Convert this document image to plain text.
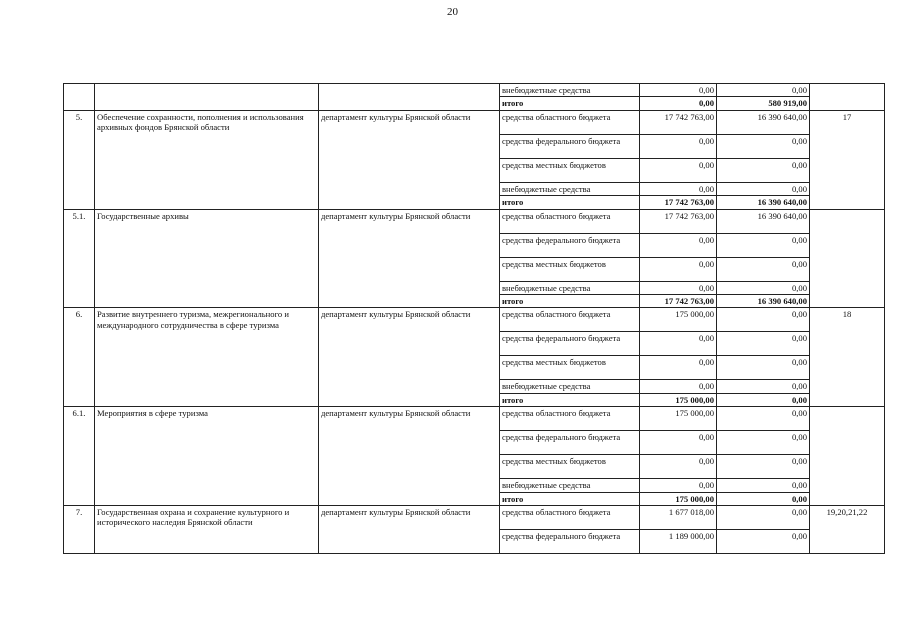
20
			внебюджетные средства	0,00	0,00	
			итого	0,00	580 919,00	
5.	Обеспечение сохранности, пополнения и использования архивных фондов Брянской области	департамент культуры Брянской области	средства областного бюджета	17 742 763,00	16 390 640,00	17
			средства федерального бюджета	0,00	0,00	
			средства местных бюджетов	0,00	0,00	
			внебюджетные средства	0,00	0,00	
			итого	17 742 763,00	16 390 640,00	
5.1.	Государственные архивы	департамент культуры Брянской области	средства областного бюджета	17 742 763,00	16 390 640,00	
			средства федерального бюджета	0,00	0,00	
			средства местных бюджетов	0,00	0,00	
			внебюджетные средства	0,00	0,00	
			итого	17 742 763,00	16 390 640,00	
6.	Развитие внутреннего туризма, межрегионального и международного сотрудничества в сфере туризма	департамент культуры Брянской области	средства областного бюджета	175 000,00	0,00	18
			средства федерального бюджета	0,00	0,00	
			средства местных бюджетов	0,00	0,00	
			внебюджетные средства	0,00	0,00	
			итого	175 000,00	0,00	
6.1.	Мероприятия в сфере туризма	департамент культуры Брянской области	средства областного бюджета	175 000,00	0,00	
			средства федерального бюджета	0,00	0,00	
			средства местных бюджетов	0,00	0,00	
			внебюджетные средства	0,00	0,00	
			итого	175 000,00	0,00	
7.	Государственная охрана и сохранение культурного и исторического наследия Брянской области	департамент культуры Брянской области	средства областного бюджета	1 677 018,00	0,00	19,20,21,22
			средства федерального бюджета	1 189 000,00	0,00	
